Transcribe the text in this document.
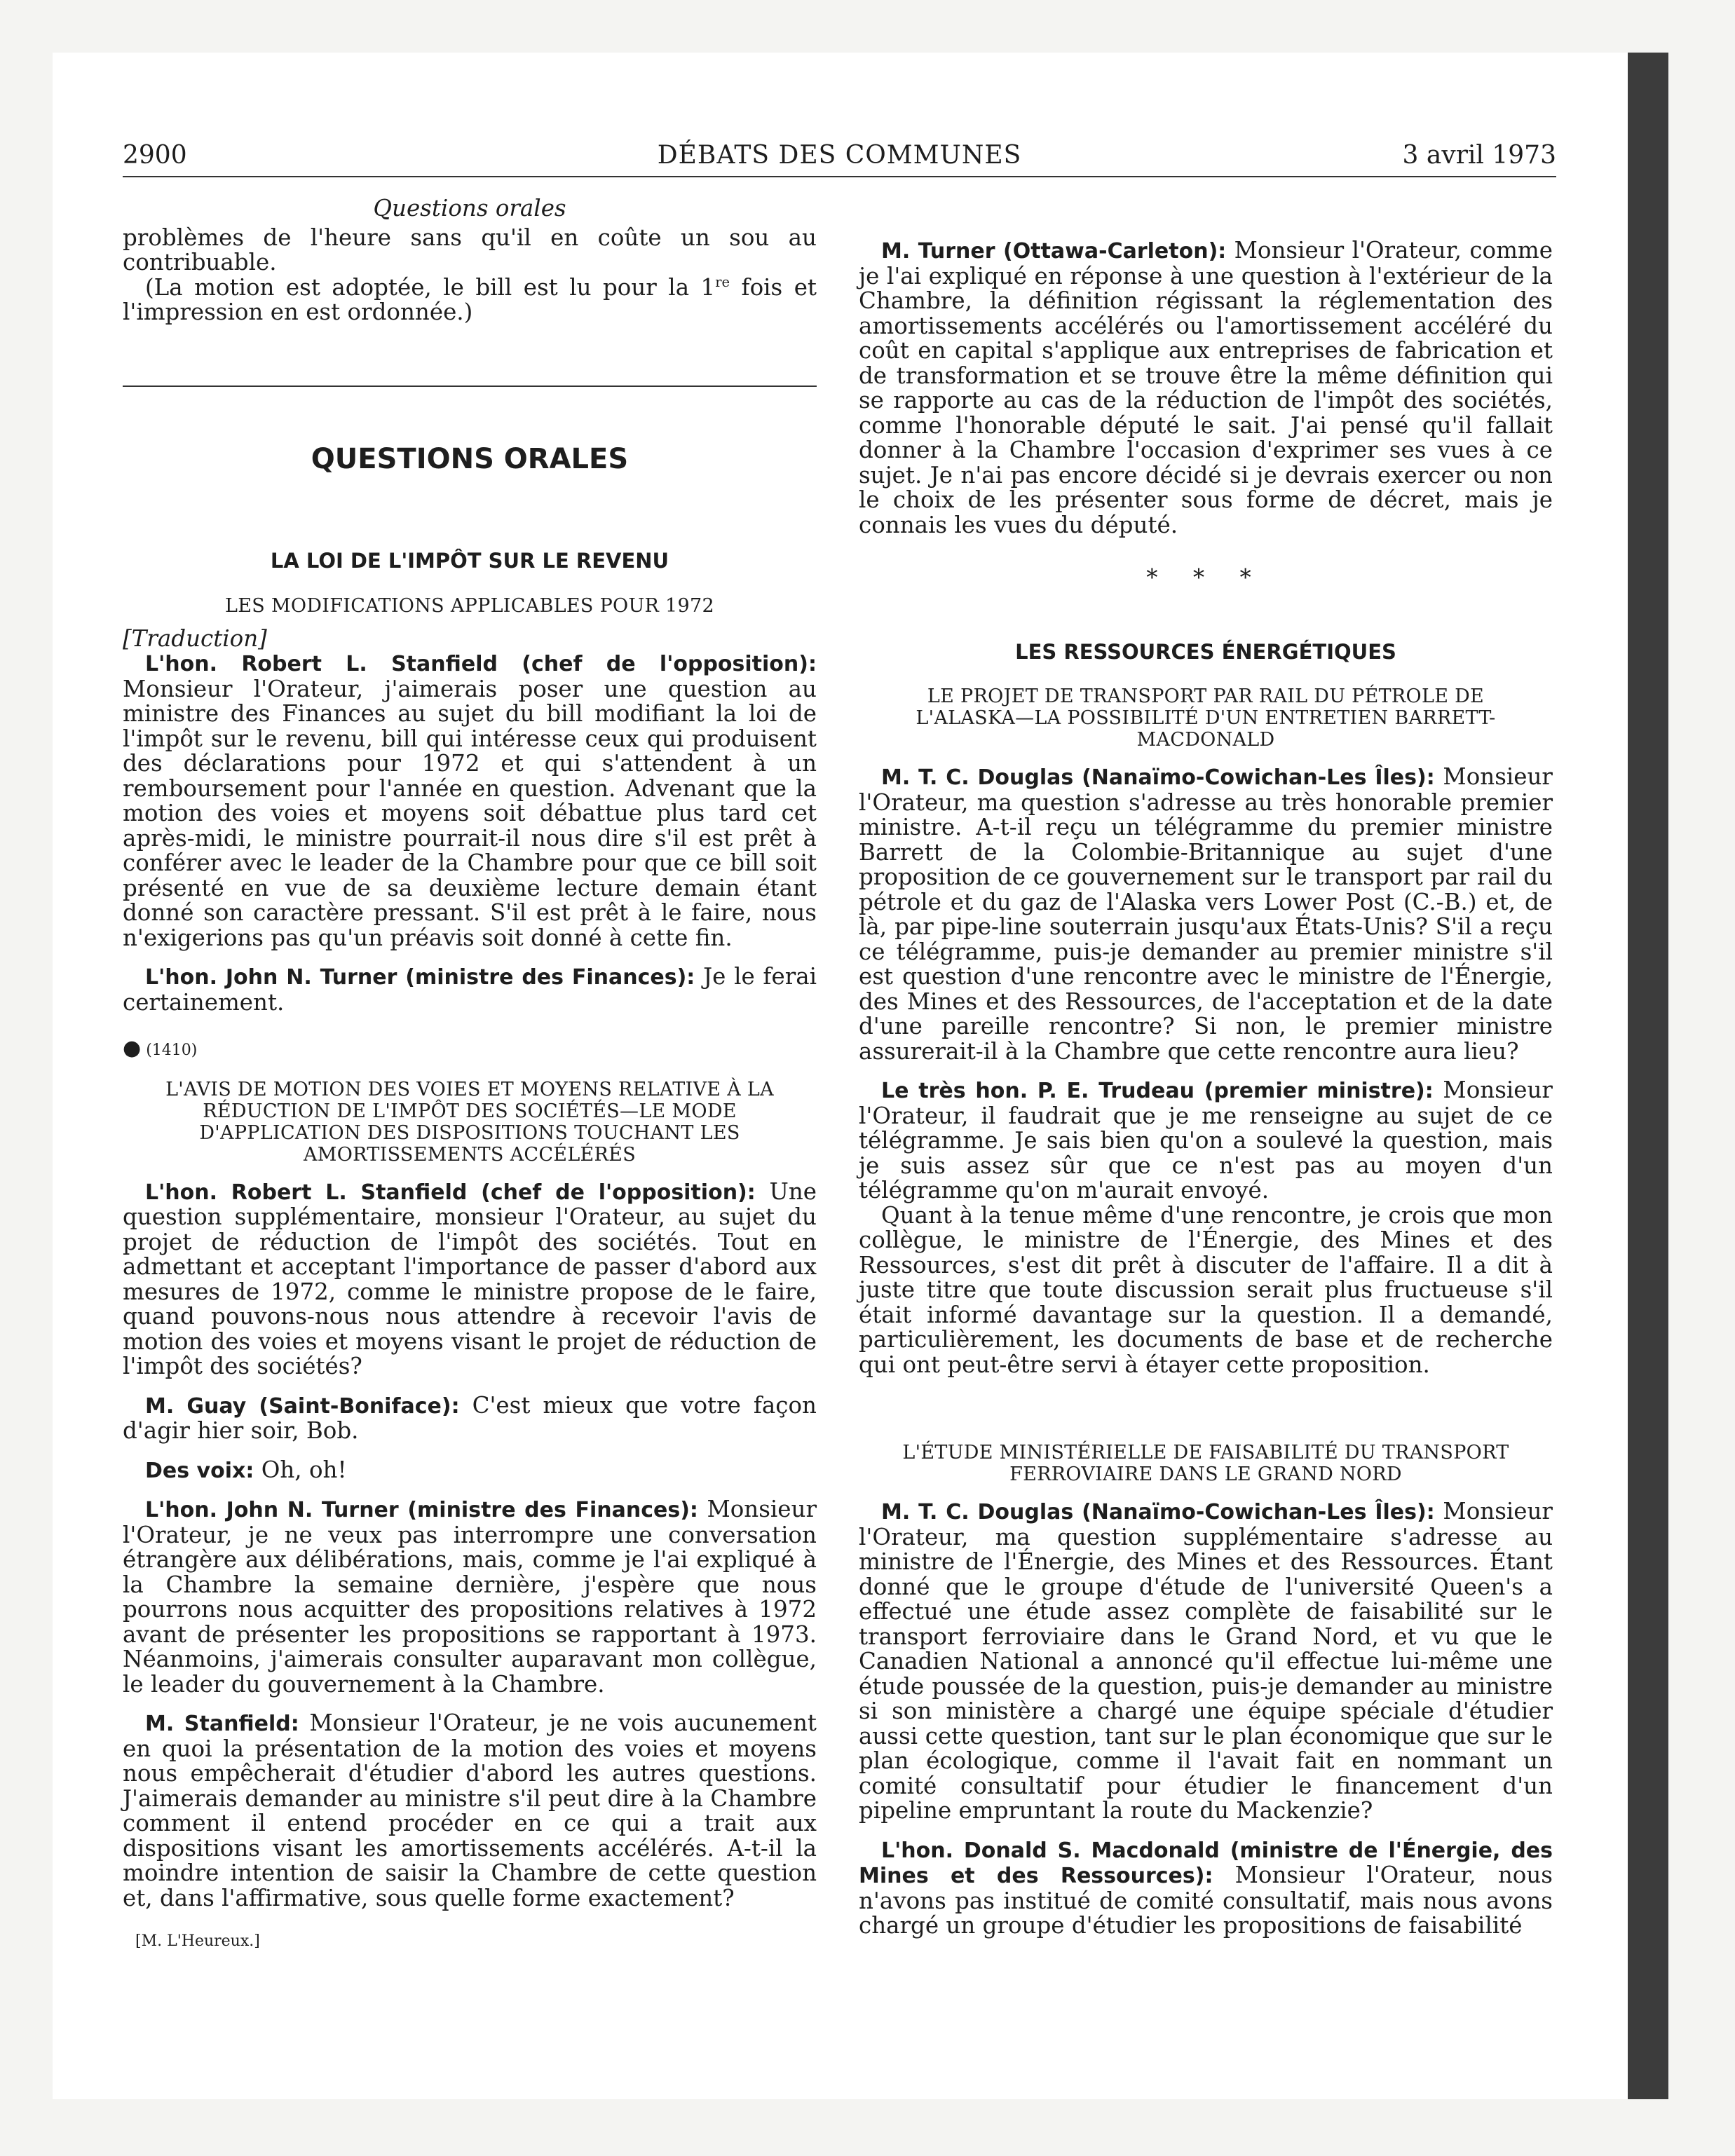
DÉBATS DES COMMUNES
2900	3 avril 1973

Questions orales

problèmes de l'heure sans qu'il en coûte un sou au contribuable.

(La motion est adoptée, le bill est lu pour la 1re fois et l'impression en est ordonnée.)

QUESTIONS ORALES

LA LOI DE L'IMPÔT SUR LE REVENU

LES MODIFICATIONS APPLICABLES POUR 1972

[Traduction]

L'hon. Robert L. Stanfield (chef de l'opposition): Monsieur l'Orateur, j'aimerais poser une question au ministre des Finances au sujet du bill modifiant la loi de l'impôt sur le revenu, bill qui intéresse ceux qui produisent des déclarations pour 1972 et qui s'attendent à un remboursement pour l'année en question. Advenant que la motion des voies et moyens soit débattue plus tard cet après-midi, le ministre pourrait-il nous dire s'il est prêt à conférer avec le leader de la Chambre pour que ce bill soit présenté en vue de sa deuxième lecture demain étant donné son caractère pressant. S'il est prêt à le faire, nous n'exigerions pas qu'un préavis soit donné à cette fin.

L'hon. John N. Turner (ministre des Finances): Je le ferai certainement.

● (1410)

L'AVIS DE MOTION DES VOIES ET MOYENS RELATIVE À LA RÉDUCTION DE L'IMPÔT DES SOCIÉTÉS—LE MODE D'APPLICATION DES DISPOSITIONS TOUCHANT LES AMORTISSEMENTS ACCÉLÉRÉS

L'hon. Robert L. Stanfield (chef de l'opposition): Une question supplémentaire, monsieur l'Orateur, au sujet du projet de réduction de l'impôt des sociétés. Tout en admettant et acceptant l'importance de passer d'abord aux mesures de 1972, comme le ministre propose de le faire, quand pouvons-nous nous attendre à recevoir l'avis de motion des voies et moyens visant le projet de réduction de l'impôt des sociétés?

M. Guay (Saint-Boniface): C'est mieux que votre façon d'agir hier soir, Bob.

Des voix: Oh, oh!

L'hon. John N. Turner (ministre des Finances): Monsieur l'Orateur, je ne veux pas interrompre une conversation étrangère aux délibérations, mais, comme je l'ai expliqué à la Chambre la semaine dernière, j'espère que nous pourrons nous acquitter des propositions relatives à 1972 avant de présenter les propositions se rapportant à 1973. Néanmoins, j'aimerais consulter auparavant mon collègue, le leader du gouvernement à la Chambre.

M. Stanfield: Monsieur l'Orateur, je ne vois aucunement en quoi la présentation de la motion des voies et moyens nous empêcherait d'étudier d'abord les autres questions. J'aimerais demander au ministre s'il peut dire à la Chambre comment il entend procéder en ce qui a trait aux dispositions visant les amortissements accélérés. A-t-il la moindre intention de saisir la Chambre de cette question et, dans l'affirmative, sous quelle forme exactement?

[M. L'Heureux.]

M. Turner (Ottawa-Carleton): Monsieur l'Orateur, comme je l'ai expliqué en réponse à une question à l'extérieur de la Chambre, la définition régissant la réglementation des amortissements accélérés ou l'amortissement accéléré du coût en capital s'applique aux entreprises de fabrication et de transformation et se trouve être la même définition qui se rapporte au cas de la réduction de l'impôt des sociétés, comme l'honorable député le sait. J'ai pensé qu'il fallait donner à la Chambre l'occasion d'exprimer ses vues à ce sujet. Je n'ai pas encore décidé si je devrais exercer ou non le choix de les présenter sous forme de décret, mais je connais les vues du député.

* * *

LES RESSOURCES ÉNERGÉTIQUES

LE PROJET DE TRANSPORT PAR RAIL DU PÉTROLE DE L'ALASKA—LA POSSIBILITÉ D'UN ENTRETIEN BARRETT-MACDONALD

M. T. C. Douglas (Nanaïmo-Cowichan-Les Îles): Monsieur l'Orateur, ma question s'adresse au très honorable premier ministre. A-t-il reçu un télégramme du premier ministre Barrett de la Colombie-Britannique au sujet d'une proposition de ce gouvernement sur le transport par rail du pétrole et du gaz de l'Alaska vers Lower Post (C.-B.) et, de là, par pipe-line souterrain jusqu'aux États-Unis? S'il a reçu ce télégramme, puis-je demander au premier ministre s'il est question d'une rencontre avec le ministre de l'Énergie, des Mines et des Ressources, de l'acceptation et de la date d'une pareille rencontre? Si non, le premier ministre assurerait-il à la Chambre que cette rencontre aura lieu?

Le très hon. P. E. Trudeau (premier ministre): Monsieur l'Orateur, il faudrait que je me renseigne au sujet de ce télégramme. Je sais bien qu'on a soulevé la question, mais je suis assez sûr que ce n'est pas au moyen d'un télégramme qu'on m'aurait envoyé.

Quant à la tenue même d'une rencontre, je crois que mon collègue, le ministre de l'Énergie, des Mines et des Ressources, s'est dit prêt à discuter de l'affaire. Il a dit à juste titre que toute discussion serait plus fructueuse s'il était informé davantage sur la question. Il a demandé, particulièrement, les documents de base et de recherche qui ont peut-être servi à étayer cette proposition.

L'ÉTUDE MINISTÉRIELLE DE FAISABILITÉ DU TRANSPORT FERROVIAIRE DANS LE GRAND NORD

M. T. C. Douglas (Nanaïmo-Cowichan-Les Îles): Monsieur l'Orateur, ma question supplémentaire s'adresse au ministre de l'Énergie, des Mines et des Ressources. Étant donné que le groupe d'étude de l'université Queen's a effectué une étude assez complète de faisabilité sur le transport ferroviaire dans le Grand Nord, et vu que le Canadien National a annoncé qu'il effectue lui-même une étude poussée de la question, puis-je demander au ministre si son ministère a chargé une équipe spéciale d'étudier aussi cette question, tant sur le plan économique que sur le plan écologique, comme il l'avait fait en nommant un comité consultatif pour étudier le financement d'un pipeline empruntant la route du Mackenzie?

L'hon. Donald S. Macdonald (ministre de l'Énergie, des Mines et des Ressources): Monsieur l'Orateur, nous n'avons pas institué de comité consultatif, mais nous avons chargé un groupe d'étudier les propositions de faisabilité
